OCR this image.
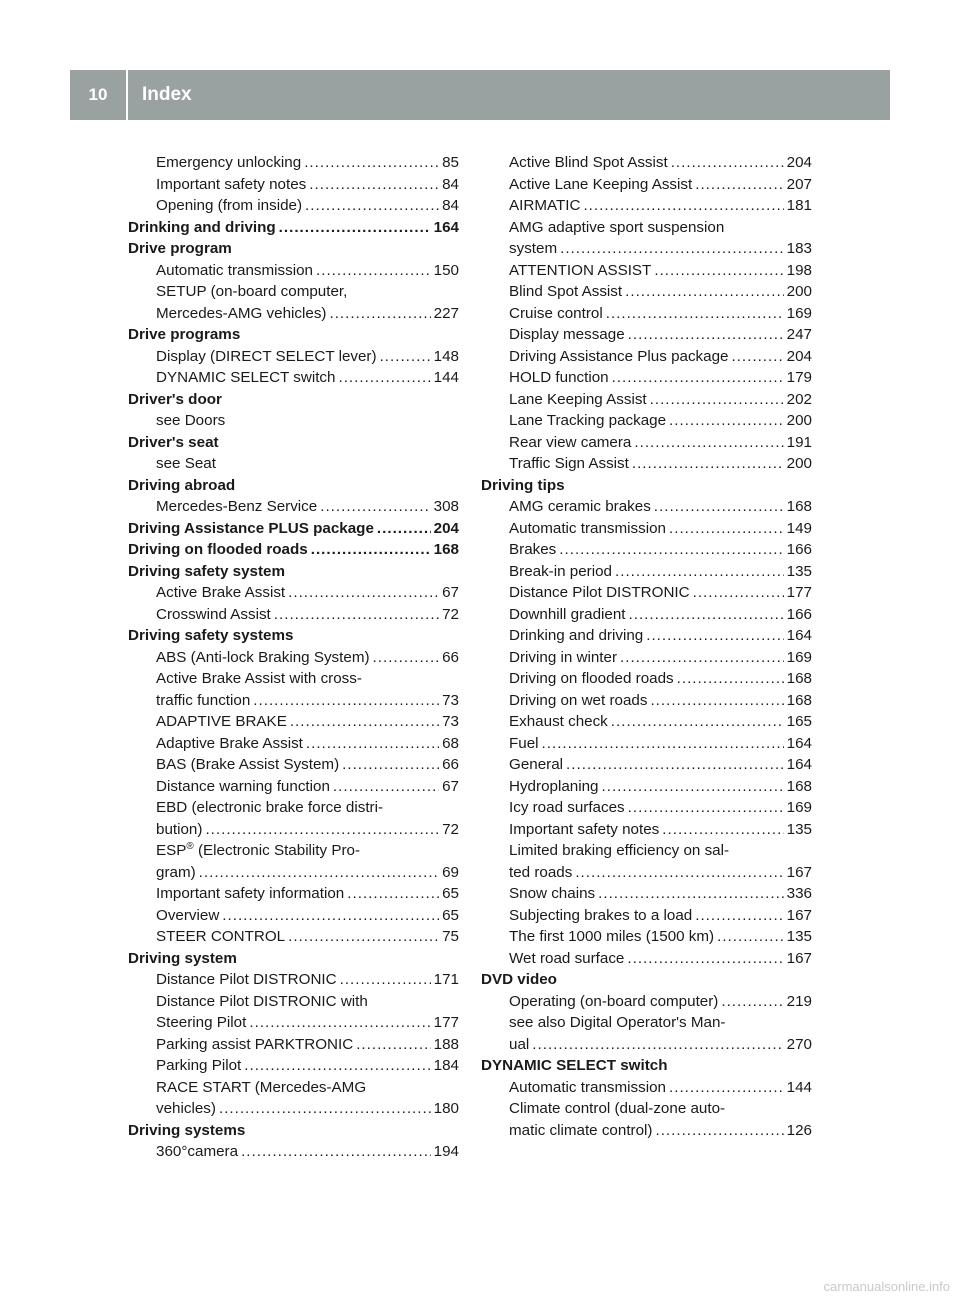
10	Index
Emergency unlocking .....	85
Important safety notes .....	84
Opening (from inside) .....	84
Drinking and driving .....	164
Drive program
Automatic transmission .....	150
SETUP (on-board computer,
Mercedes-AMG vehicles) .....	227
Drive programs
Display (DIRECT SELECT lever) .....	148
DYNAMIC SELECT switch .....	144
Driver's door
see Doors
Driver's seat
see Seat
Driving abroad
Mercedes-Benz Service .....	308
Driving Assistance PLUS package .....	204
Driving on flooded roads .....	168
Driving safety system
Active Brake Assist .....	67
Crosswind Assist .....	72
Driving safety systems
ABS (Anti-lock Braking System) .....	66
Active Brake Assist with cross-
traffic function .....	73
ADAPTIVE BRAKE .....	73
Adaptive Brake Assist .....	68
BAS (Brake Assist System) .....	66
Distance warning function .....	67
EBD (electronic brake force distri-
bution) .....	72
ESP® (Electronic Stability Pro-
gram) .....	69
Important safety information .....	65
Overview .....	65
STEER CONTROL .....	75
Driving system
Distance Pilot DISTRONIC .....	171
Distance Pilot DISTRONIC with
Steering Pilot .....	177
Parking assist PARKTRONIC .....	188
Parking Pilot .....	184
RACE START (Mercedes-AMG
vehicles) .....	180
Driving systems
360°camera .....	194
Active Blind Spot Assist .....	204
Active Lane Keeping Assist .....	207
AIRMATIC .....	181
AMG adaptive sport suspension
system .....	183
ATTENTION ASSIST .....	198
Blind Spot Assist .....	200
Cruise control .....	169
Display message .....	247
Driving Assistance Plus package .....	204
HOLD function .....	179
Lane Keeping Assist .....	202
Lane Tracking package .....	200
Rear view camera .....	191
Traffic Sign Assist .....	200
Driving tips
AMG ceramic brakes .....	168
Automatic transmission .....	149
Brakes .....	166
Break-in period .....	135
Distance Pilot DISTRONIC .....	177
Downhill gradient .....	166
Drinking and driving .....	164
Driving in winter .....	169
Driving on flooded roads .....	168
Driving on wet roads .....	168
Exhaust check .....	165
Fuel .....	164
General .....	164
Hydroplaning .....	168
Icy road surfaces .....	169
Important safety notes .....	135
Limited braking efficiency on sal-
ted roads .....	167
Snow chains .....	336
Subjecting brakes to a load .....	167
The first 1000 miles (1500 km) .....	135
Wet road surface .....	167
DVD video
Operating (on-board computer) .....	219
see also Digital Operator's Man-
ual .....	270
DYNAMIC SELECT switch
Automatic transmission .....	144
Climate control (dual-zone auto-
matic climate control) .....	126
carmanualsonline.info
